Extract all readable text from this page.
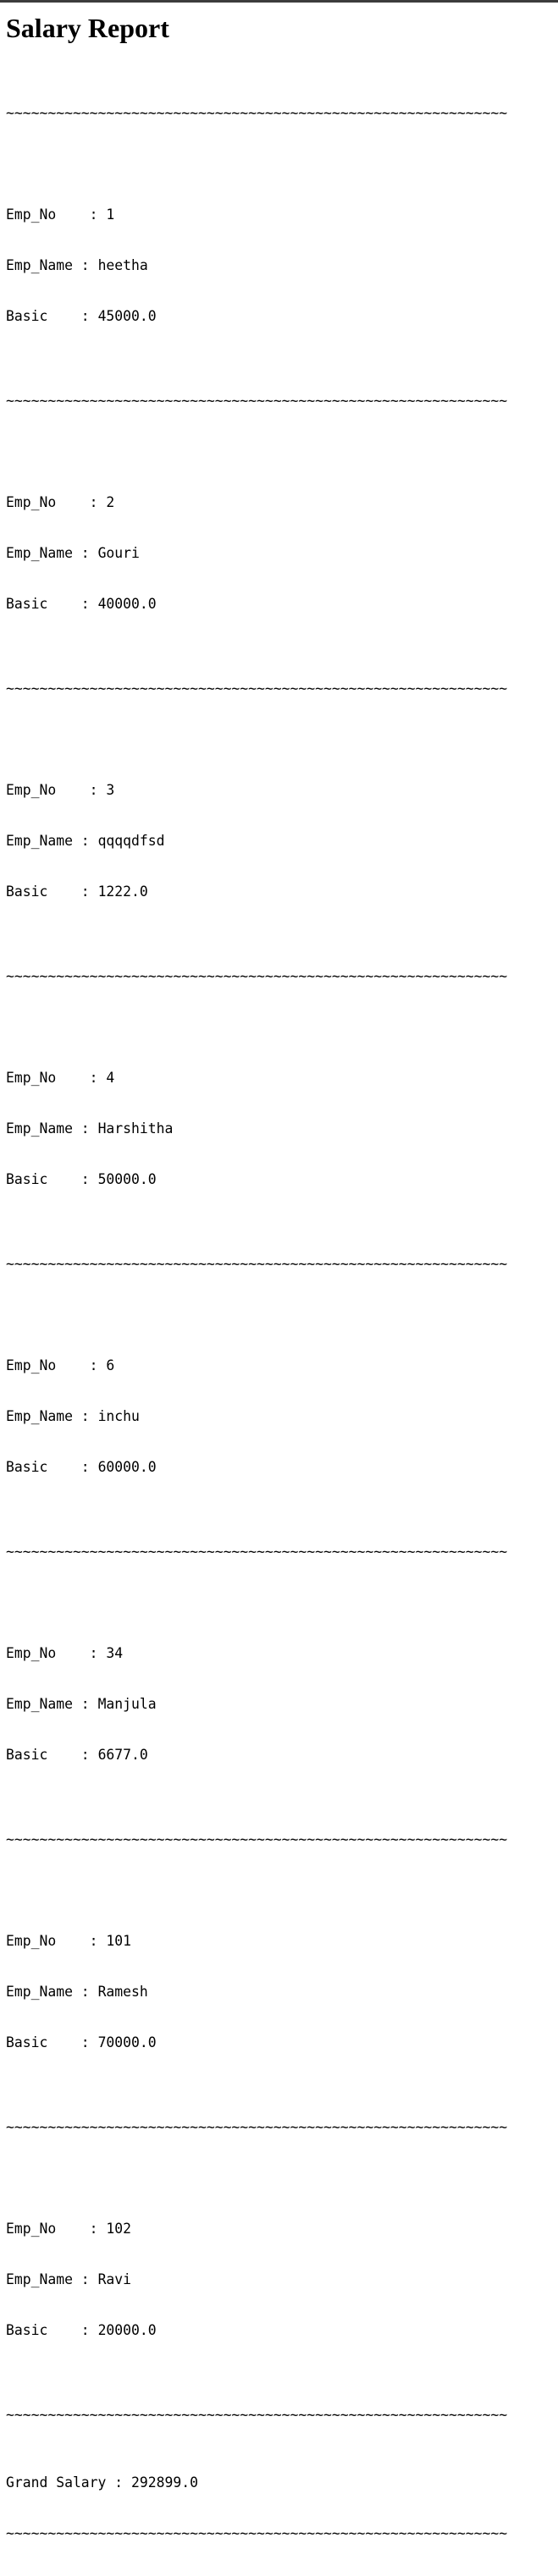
Salary Report

~~~~~~~~~~~~~~~~~~~~~~~~~~~~~~~~~~~~~~~~~~~~~~~~~~~~~~~~~~~~

Emp_No    : 1

Emp_Name : heetha

Basic    : 45000.0

~~~~~~~~~~~~~~~~~~~~~~~~~~~~~~~~~~~~~~~~~~~~~~~~~~~~~~~~~~~~

Emp_No    : 2

Emp_Name : Gouri

Basic    : 40000.0

~~~~~~~~~~~~~~~~~~~~~~~~~~~~~~~~~~~~~~~~~~~~~~~~~~~~~~~~~~~~

Emp_No    : 3

Emp_Name : qqqqdfsd

Basic    : 1222.0

~~~~~~~~~~~~~~~~~~~~~~~~~~~~~~~~~~~~~~~~~~~~~~~~~~~~~~~~~~~~

Emp_No    : 4

Emp_Name : Harshitha

Basic    : 50000.0

~~~~~~~~~~~~~~~~~~~~~~~~~~~~~~~~~~~~~~~~~~~~~~~~~~~~~~~~~~~~

Emp_No    : 6

Emp_Name : inchu

Basic    : 60000.0

~~~~~~~~~~~~~~~~~~~~~~~~~~~~~~~~~~~~~~~~~~~~~~~~~~~~~~~~~~~~

Emp_No    : 34

Emp_Name : Manjula

Basic    : 6677.0

~~~~~~~~~~~~~~~~~~~~~~~~~~~~~~~~~~~~~~~~~~~~~~~~~~~~~~~~~~~~

Emp_No    : 101

Emp_Name : Ramesh

Basic    : 70000.0

~~~~~~~~~~~~~~~~~~~~~~~~~~~~~~~~~~~~~~~~~~~~~~~~~~~~~~~~~~~~

Emp_No    : 102

Emp_Name : Ravi

Basic    : 20000.0

~~~~~~~~~~~~~~~~~~~~~~~~~~~~~~~~~~~~~~~~~~~~~~~~~~~~~~~~~~~~

Grand Salary : 292899.0

~~~~~~~~~~~~~~~~~~~~~~~~~~~~~~~~~~~~~~~~~~~~~~~~~~~~~~~~~~~~
